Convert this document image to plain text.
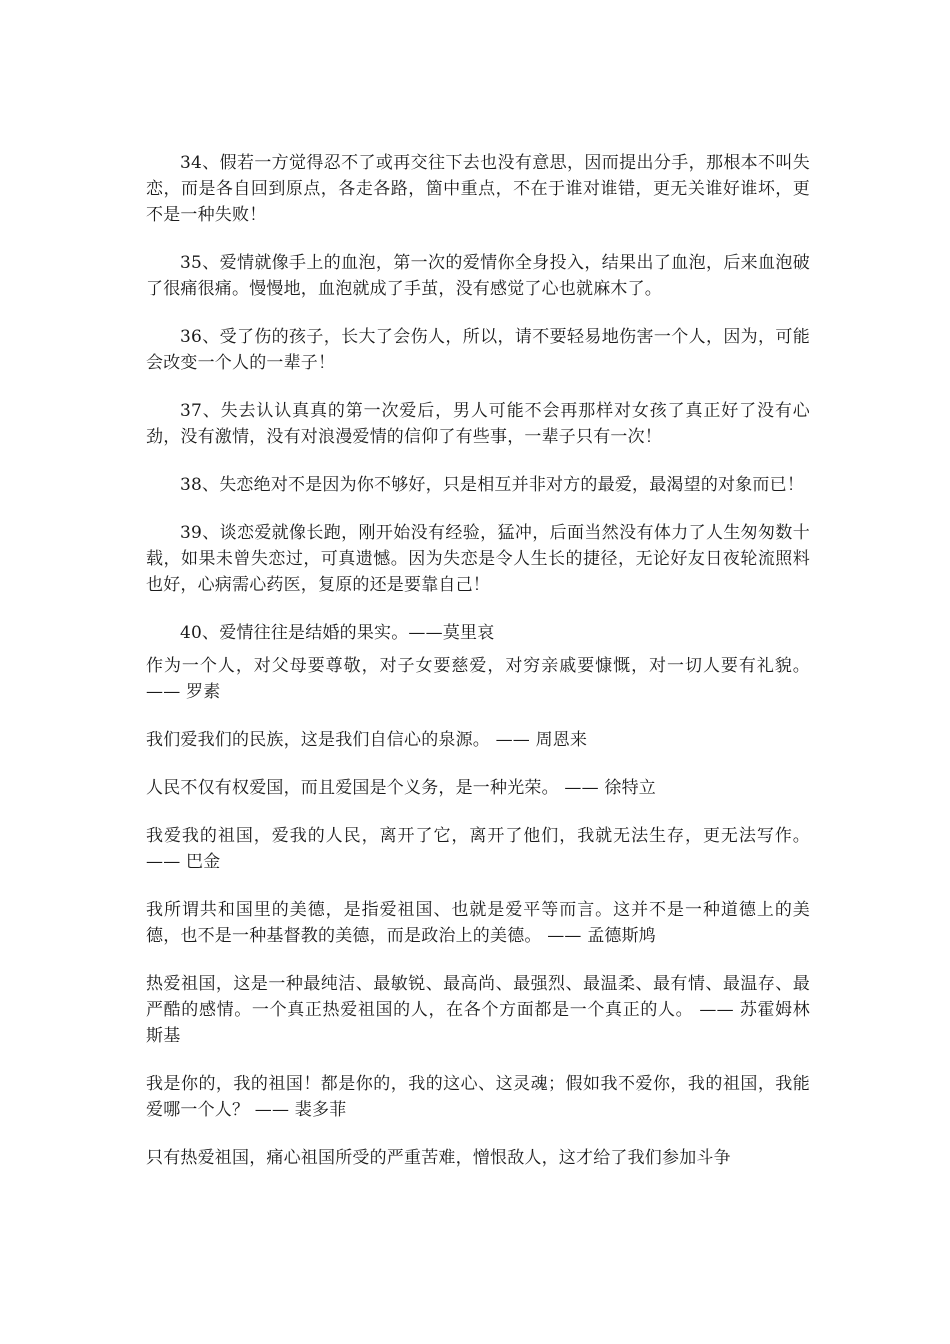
34、假若一方觉得忍不了或再交往下去也没有意思，因而提出分手，那根本不叫失恋，而是各自回到原点，各走各路，箇中重点，不在于谁对谁错，更无关谁好谁坏，更不是一种失败！

35、爱情就像手上的血泡，第一次的爱情你全身投入，结果出了血泡，后来血泡破了很痛很痛。慢慢地，血泡就成了手茧，没有感觉了心也就麻木了。

36、受了伤的孩子，长大了会伤人，所以，请不要轻易地伤害一个人，因为，可能会改变一个人的一辈子！

37、失去认认真真的第一次爱后，男人可能不会再那样对女孩了真正好了没有心劲，没有激情，没有对浪漫爱情的信仰了有些事，一辈子只有一次！

38、失恋绝对不是因为你不够好，只是相互并非对方的最爱，最渴望的对象而已！

39、谈恋爱就像长跑，刚开始没有经验，猛冲，后面当然没有体力了人生匆匆数十载，如果未曾失恋过，可真遗憾。因为失恋是令人生长的捷径，无论好友日夜轮流照料也好，心病需心药医，复原的还是要靠自己！

40、爱情往往是结婚的果实。——莫里哀

作为一个人，对父母要尊敬，对子女要慈爱，对穷亲戚要慷慨，对一切人要有礼貌。 —— 罗素

我们爱我们的民族，这是我们自信心的泉源。 —— 周恩来

人民不仅有权爱国，而且爱国是个义务，是一种光荣。 —— 徐特立

我爱我的祖国，爱我的人民，离开了它，离开了他们，我就无法生存，更无法写作。 —— 巴金

我所谓共和国里的美德，是指爱祖国、也就是爱平等而言。这并不是一种道德上的美德，也不是一种基督教的美德，而是政治上的美德。 —— 孟德斯鸠

热爱祖国，这是一种最纯洁、最敏锐、最高尚、最强烈、最温柔、最有情、最温存、最严酷的感情。一个真正热爱祖国的人，在各个方面都是一个真正的人。 —— 苏霍姆林斯基

我是你的，我的祖国！都是你的，我的这心、这灵魂；假如我不爱你，我的祖国，我能爱哪一个人？ —— 裴多菲

只有热爱祖国，痛心祖国所受的严重苦难，憎恨敌人，这才给了我们参加斗争
